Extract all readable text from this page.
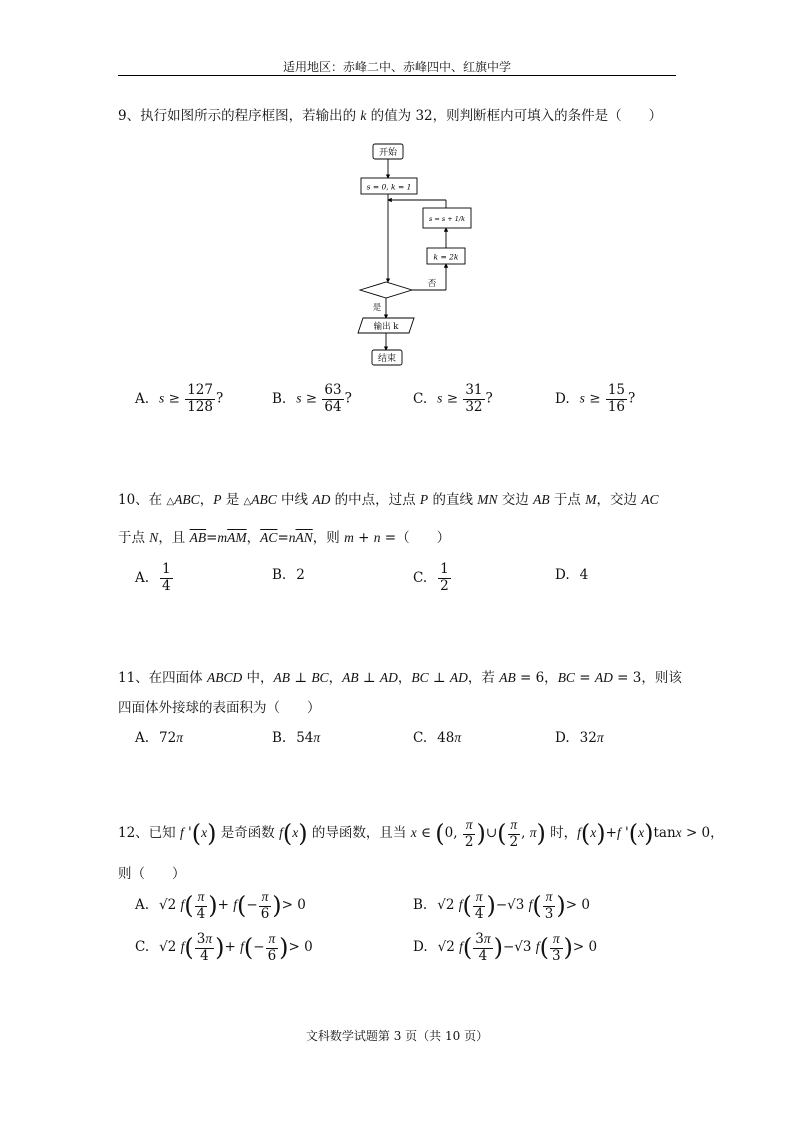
适用地区：赤峰二中、赤峰四中、红旗中学
9、执行如图所示的程序框图，若输出的 k 的值为 32，则判断框内可填入的条件是（　　）
开始
s = 0, k = 1
s = s + 1/k
k = 2k
否
是
输出 k
结束
A. $s \ge \frac{127}{128}$ ?	B. $s \ge \frac{63}{64}$ ?	C. $s \ge \frac{31}{32}$ ?	D. $s \ge \frac{15}{16}$ ?
10、在 △ABC，P 是 △ABC 中线 AD 的中点，过点 P 的直线 MN 交边 AB 于点 M，交边 AC
于点 N，且 $\overline{AB}=m\overline{AM}$，$\overline{AC}=n\overline{AN}$，则 m + n =（　　）
A. $\frac{1}{4}$	B. 2	C. $\frac{1}{2}$	D. 4
11、在四面体 ABCD 中，AB ⊥ BC，AB ⊥ AD，BC ⊥ AD，若 AB = 6，BC = AD = 3，则该
四面体外接球的表面积为（　　）
A. 72π	B. 54π	C. 48π	D. 32π
12、已知 f '(x) 是奇函数 f(x) 的导函数，且当 x ∈ (0, $\frac{\pi}{2}$ )∪( $\frac{\pi}{2}$ , π) 时，f(x)+f '(x)tanx > 0，
则（　　）
A. √2 $f( \frac{\pi}{4}$ )+ $f(- \frac{\pi}{6}$ )> 0	B. √2 $f( \frac{\pi}{4} )-√3$ $f( \frac{\pi}{3}$ )> 0
C. √2 $f( \frac{3\pi}{4}$ )+ $f(- \frac{\pi}{6}$ )> 0	D. √2 $f( \frac{3\pi}{4} )-√3$ $f( \frac{\pi}{3}$ )> 0
文科数学试题第 3 页（共 10 页）
